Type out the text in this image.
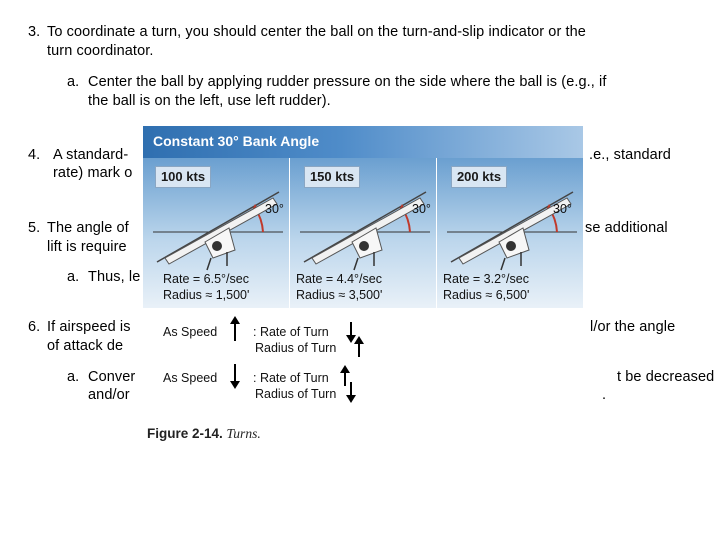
3. To coordinate a turn, you should center the ball on the turn-and-slip indicator or the
turn coordinator.
a. Center the ball by applying rudder pressure on the side where the ball is (e.g., if
the ball is on the left, use left rudder).
4. A standard-	.e., standard
rate) mark o
5. The angle of	se additional
lift is require
a. Thus, le
6. If airspeed is	l/or the angle
of attack de
a. Conver	t be decreased
and/or	.
Constant 30° Bank Angle
100 kts
30°
Rate = 6.5°/sec
Radius ≈ 1,500'
150 kts
30°
Rate = 4.4°/sec
Radius ≈ 3,500'
200 kts
30°
Rate = 3.2°/sec
Radius ≈ 6,500'
As Speed	: Rate of Turn
Radius of Turn
As Speed	: Rate of Turn
Radius of Turn
Figure 2-14. Turns.
